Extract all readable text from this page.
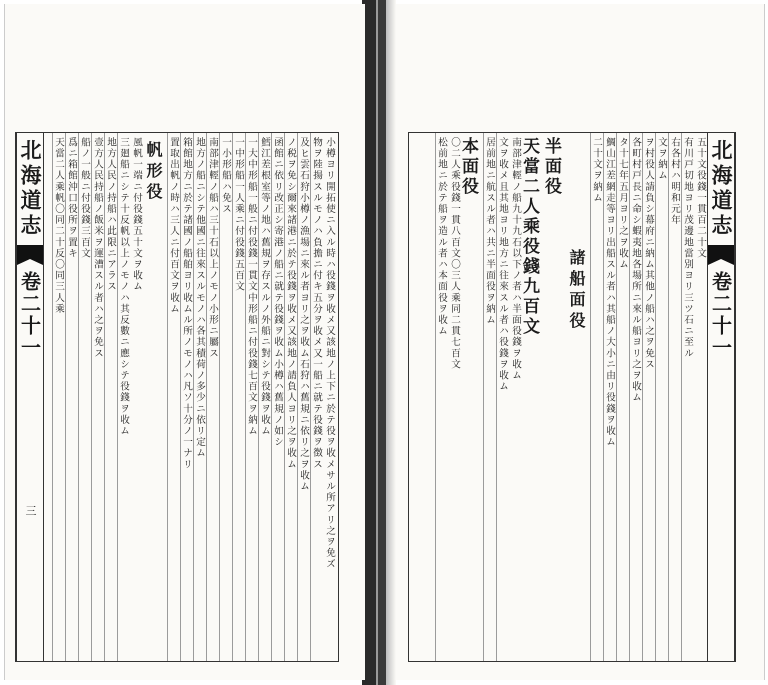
北海道志
卷二十一
三	小樽ヨリ開拓使ニ入ル時ハ役錢ヲ收メ又該地ノ上下ニ於テ役ヲ收メサル所アリ之ヲ免ズ
物ヲ陸揚スルモノハ負擔ニ付キ五分ヲ收メ又一船ニ就テ役錢ヲ徴ス
及ヒ雲石狩小樽ノ漁場ニ來ル者ヨリ之ヲ收ム石狩ハ舊規ニ依リ之ヲ收ム
ノ税ヲ免シ爾來諸港ニ於テ役錢ヲ收メ又該地ノ請負人ヨリ之ヲ收ム
函館ニ依リ改正シ寄港ノ船ニ就テ役錢ヲ收ム小樽ハ舊規ノ如シ
鱈江差根室等ノ地ハ舊規ヲ存スルノ外船ニ對シテ役錢ヲ收ム
一大中形船一般ニ付役錢一貫文中形船ニ付役錢七百文ヲ納ム
一中形船一人乘ニ付役錢五百文
一小形船ハ免ス
南部津輕ノ船ハ三十石以上ノモノ小形ニ屬ス
地方ノ船ニシテ他國ニ往來スルモノハ各其積荷ノ多少ニ依リ定ム
箱館地方ニ於テ諸國ノ船舶ヨリ收ムル所ノモノハ凡ソ十分ノ一ナリ
置取出帆ノ時ハ三人ニ付百文ヲ收ム
帆形役
風帆一端ニ付役錢五十文ヲ收ム
三廻船ニシテ十反帆以上ノモノハ其反數ニ應シテ役錢ヲ收ム
地方人民ノ持船ハ此限ニアラス
壹方人民持船ノ飯米ヲ運漕スル者ハ之ヲ免ス
船ノ一般ニ付役錢三百文
爲ニ箱館沖口役所ヲ置キ
天當二人乘帆〇同二十反〇同三人乘	五十文役錢一貫百二十文
有川戸切地ヨリ茂邊地當別ヨリ三ツ石ニ至ル
右各村ハ明和元年
文ヲ納ム
ヲ村役人請負シ幕府ニ納ム其他ノ船ハ之ヲ免ス
各町村戸長ニ命シ蝦夷地各場所ニ來ル船ヨリ之ヲ收ム
タ十七年五月ヨリ之ヲ收ム
鯛山江差網走等ヨリ出船スル者ハ其船ノ大小ニ由リ役錢ヲ收ム
二十文ヲ納ム
諸船面役
半面役
天當二人乘役錢九百文
南部津輕ノ船九十九石以下ノ者ハ半面役錢ヲ收ム
文ヲ收メ且其地ヨリ地方ニ往來スル者ハ役錢ヲ收ム
居前地ニ航スル者ハ共ニ半面役ヲ納ム
本面役
〇二人乘役錢一貫八百文〇三人乘同二貫七百文
松前地ニ於テ船ヲ造ル者ハ本面役ヲ收ム	北海道志
卷二十一
